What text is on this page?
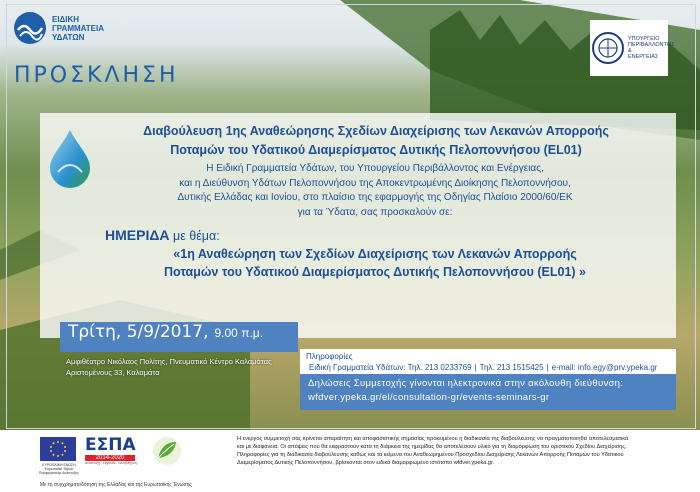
ΕΙΔΙΚΗ
ΓΡΑΜΜΑΤΕΙΑ
ΥΔΑΤΩΝ
ΠΡΟΣΚΛΗΣΗ
ΥΠΟΥΡΓΕΙΟ
ΠΕΡΙΒΑΛΛΟΝΤΟΣ
& ΕΝΕΡΓΕΙΑΣ
Διαβούλευση 1ης Αναθεώρησης Σχεδίων Διαχείρισης των Λεκανών Απορροής
Ποταμών του Υδατικού Διαμερίσματος Δυτικής Πελοποννήσου (EL01)
Η Ειδική Γραμματεία Υδάτων, του Υπουργείου Περιβάλλοντος και Ενέργειας,
και η Διεύθυνση Υδάτων Πελοποννήσου της Αποκεντρωμένης Διοίκησης Πελοποννήσου,
Δυτικής Ελλάδας και Ιονίου, στο πλαίσιο της εφαρμογής της Οδηγίας Πλαίσιο 2000/60/ΕΚ
για τα Ύδατα, σας προσκαλούν σε:
ΗΜΕΡΙΔΑ με θέμα:
«1η Αναθεώρηση των Σχεδίων Διαχείρισης των Λεκανών Απορροής
Ποταμών του Υδατικού Διαμερίσματος Δυτικής Πελοποννήσου (EL01) »
Τρίτη, 5/9/2017, 9.00 π.μ.
Αμφιθέατρο Νικόλαος Πολίτης, Πνευματικό Κέντρο Καλαμάτας
Αριστομένους 33, Καλαμάτα
Πληροφορίες
Ειδική Γραμματεία Υδάτων: Τηλ. 213 0233769 | Τηλ. 213 1515425 | e-mail: info.egy@prv.ypeka.gr
Δηλώσεις Συμμετοχής γίνονται ηλεκτρονικά στην ακόλουθη διεύθυνση:
wfdver.ypeka.gr/el/consultation-gr/events-seminars-gr
ΕΥΡΩΠΑΪΚΗ ΕΝΩΣΗ Ευρωπαϊκό Ταμείο Περιφερειακής Ανάπτυξης
ΕΣΠΑ
2014-2020
ανάπτυξη - εργασία - αλληλεγγύη
Με τη συγχρηματοδότηση της Ελλάδας και της Ευρωπαϊκής Ένωσης
Η ενεργός συμμετοχή σας κρίνεται απαραίτητη και αποφασιστικής σημασίας προκειμένου η διαδικασία της διαβούλευσης να πραγματοποιηθεί αποτελεσματικά
και με διαφάνεια. Οι απόψεις που θα εκφραστούν κατά τη διάρκεια της ημερίδας θα αποτελέσουν υλικό για τη διαμόρφωση του οριστικού Σχεδίου Διαχείρισης.
Πληροφορίες για τη διαδικασία διαβούλευσης καθώς και τα κείμενα του Αναθεωρημένου Προσχεδίου Διαχείρισης Λεκανών Απορροής Ποταμών του Υδατικού
Διαμερίσματος Δυτικής Πελοποννήσου, βρίσκονται στον ειδικό διαμορφωμένο ιστότοπο wfdver.ypeka.gr.
